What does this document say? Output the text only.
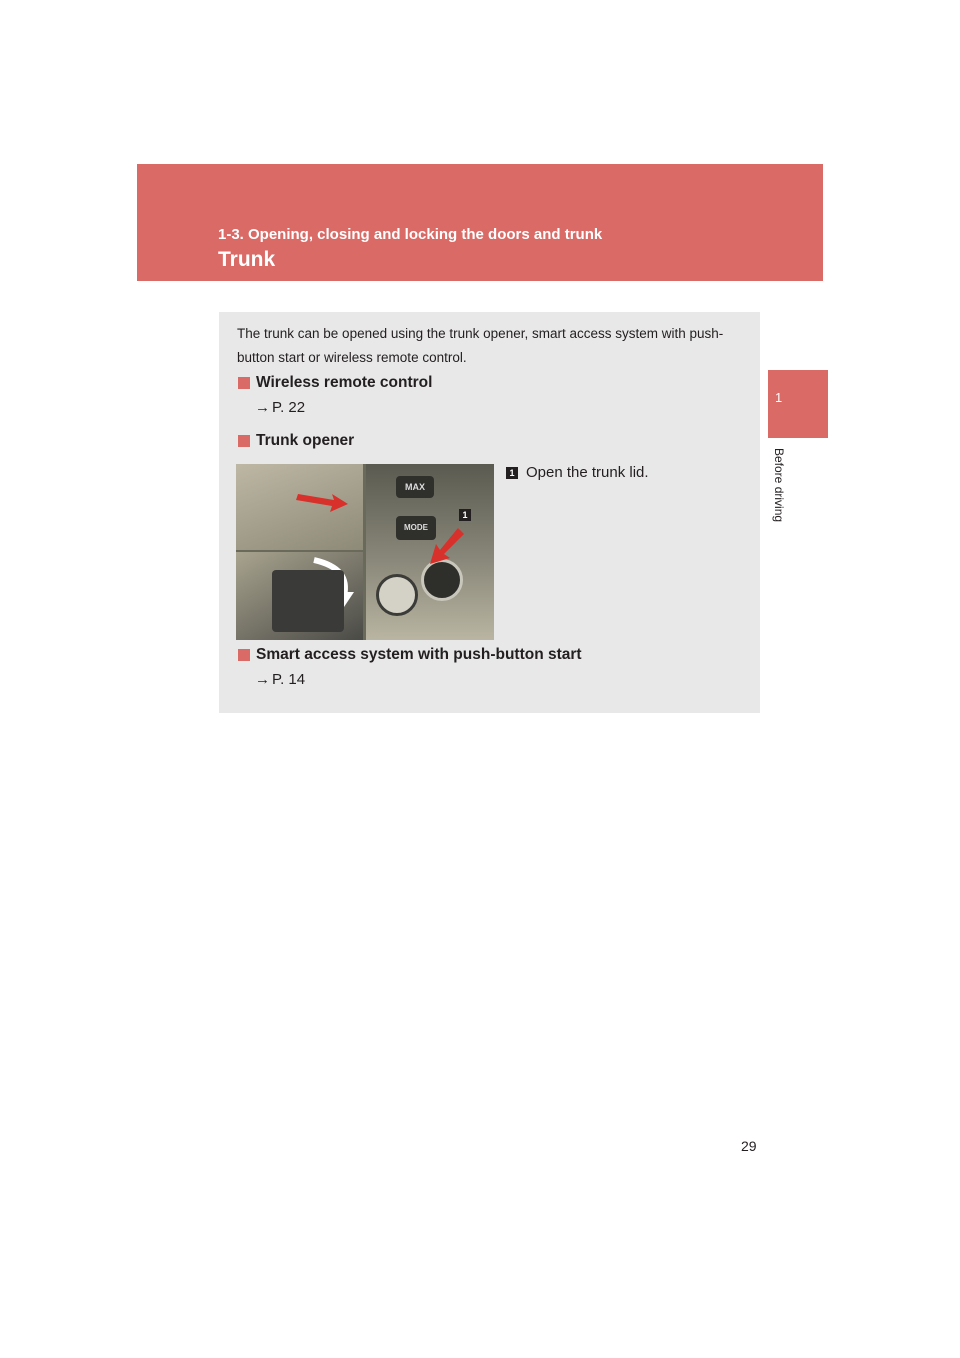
1-3. Opening, closing and locking the doors and trunk
Trunk
1
Before driving

The trunk can be opened using the trunk opener, smart access system with push-button start or wireless remote control.

Wireless remote control
→ P. 22
Trunk opener
MAX
MODE
1
1 Open the trunk lid.
Smart access system with push-button start
→ P. 14
29
